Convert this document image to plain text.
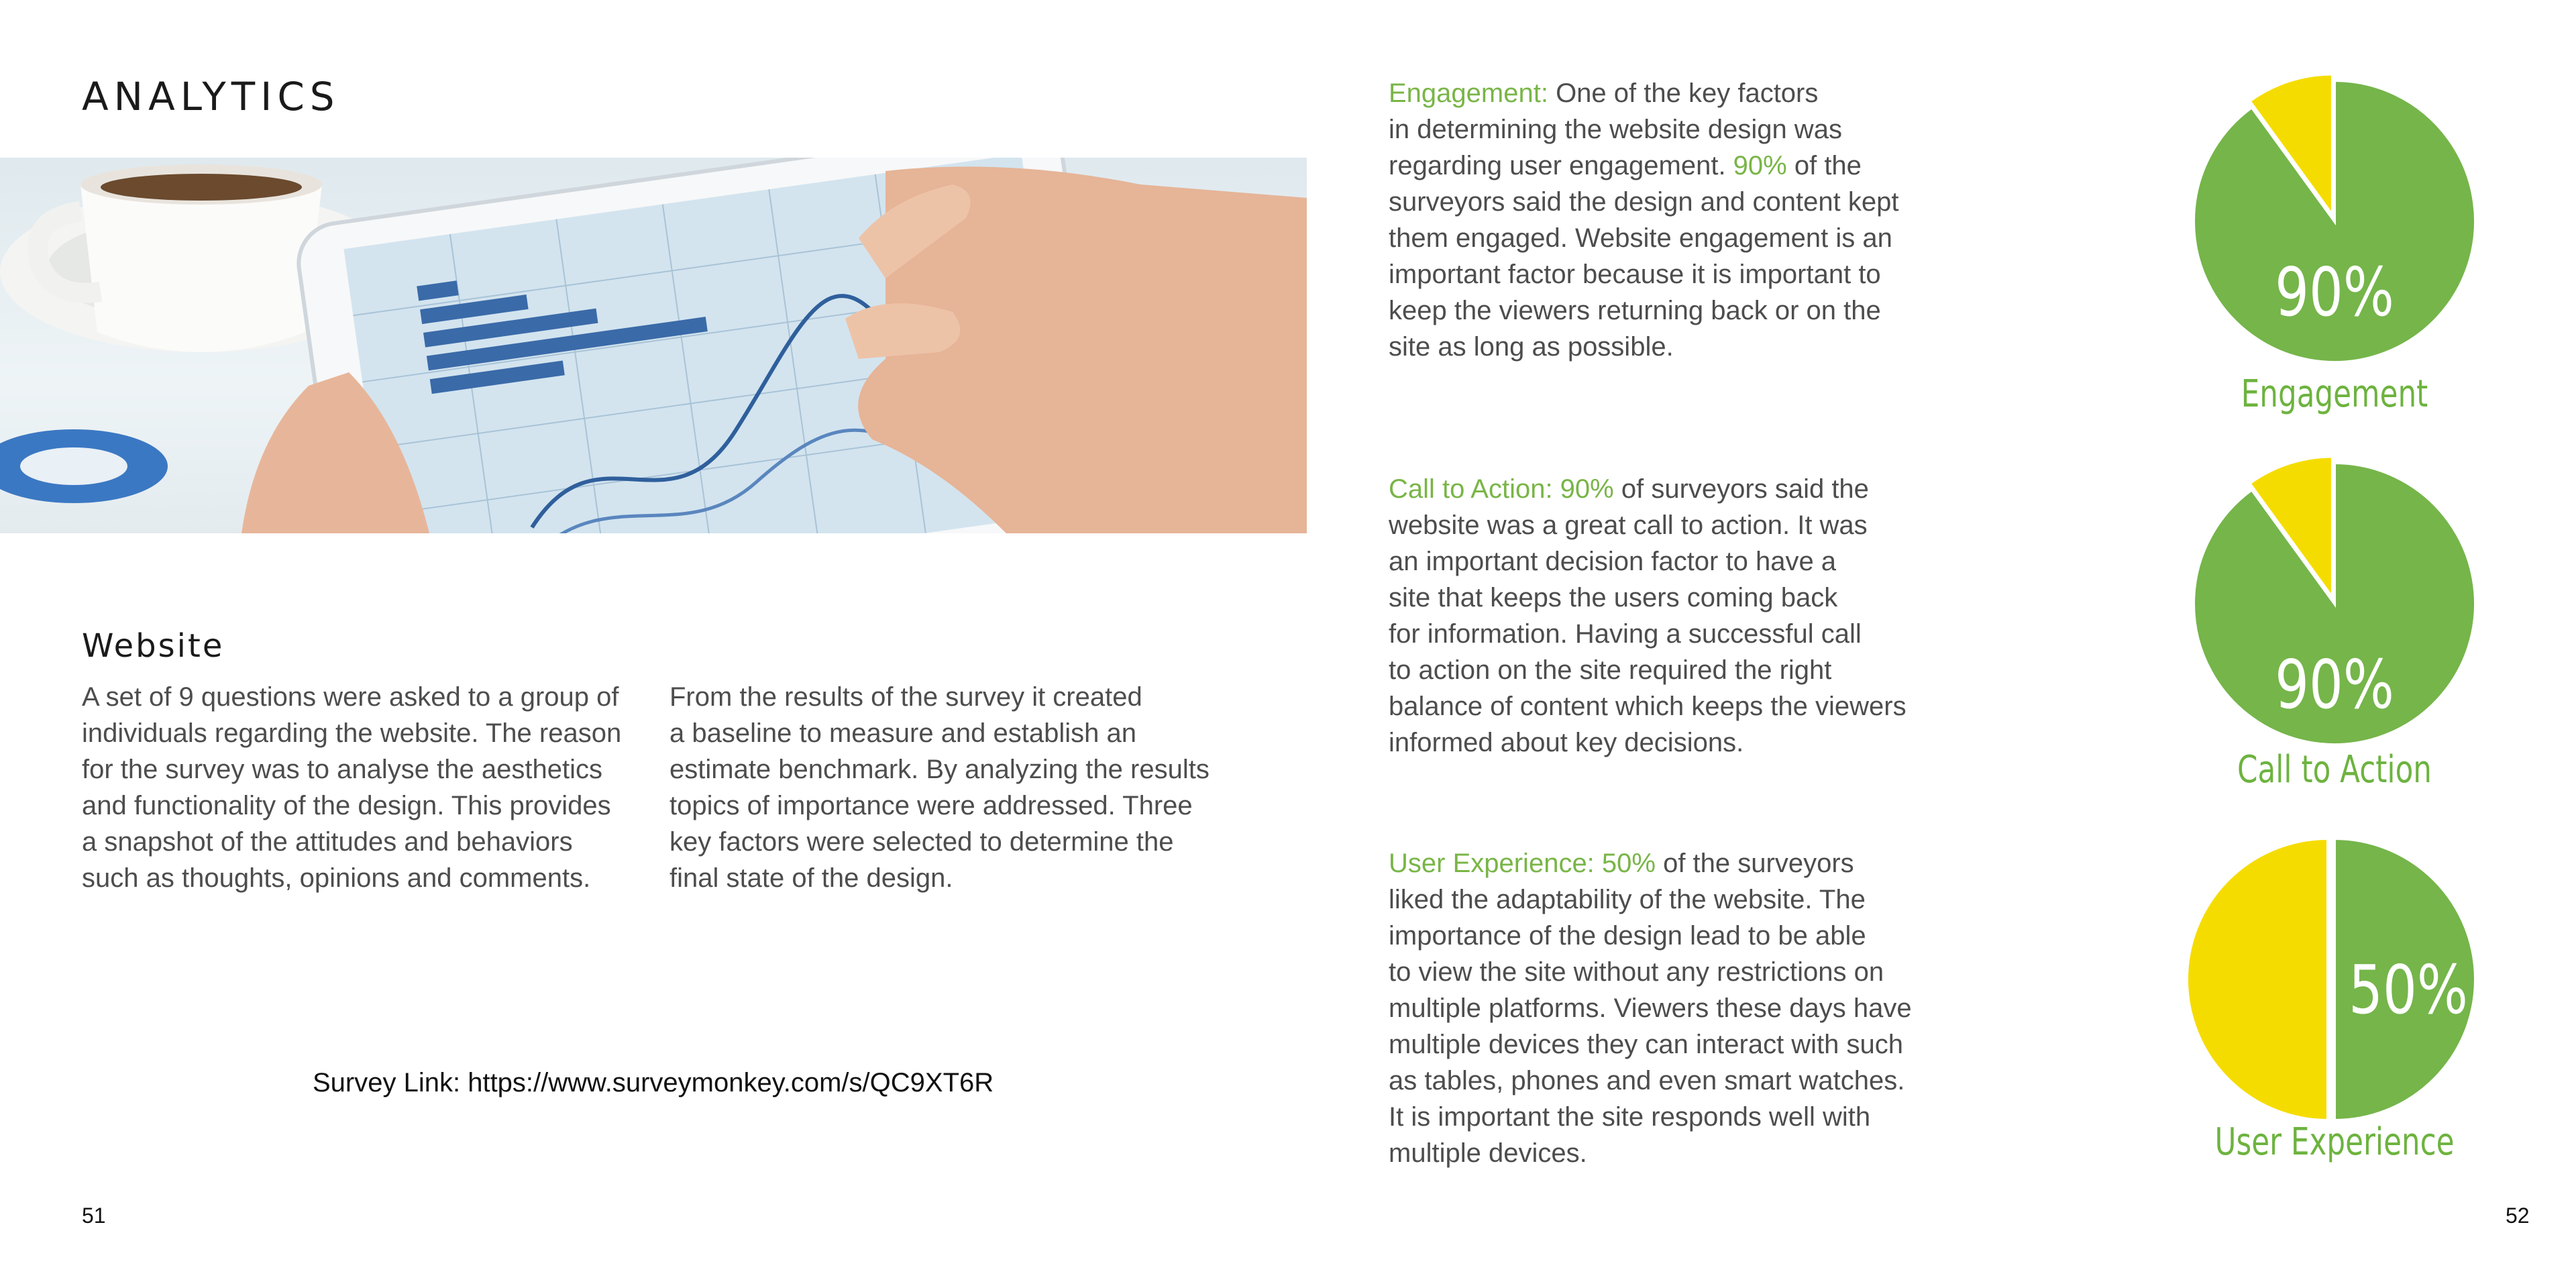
ANALYTICS
Website
A set of 9 questions were asked to a group of
individuals regarding the website. The reason
for the survey was to analyse the aesthetics
and functionality of the design. This provides
a snapshot of the attitudes and behaviors
such as thoughts, opinions and comments.
From the results of the survey it created
a baseline to measure and establish an
estimate benchmark. By analyzing the results
topics of importance were addressed. Three
key factors were selected to determine the
final state of the design.
Survey Link: https://www.surveymonkey.com/s/QC9XT6R
51
Engagement: One of the key factors
in determining the website design was
regarding user engagement. 90% of the
surveyors said the design and content kept
them engaged. Website engagement is an
important factor because it is important to
keep the viewers returning back or on the
site as long as possible.
Call to Action: 90% of surveyors said the
website was a great call to action. It was
an important decision factor to have a
site that keeps the users coming back
for information. Having a successful call
to action on the site required the right
balance of content which keeps the viewers
informed about key decisions.
User Experience: 50% of the surveyors
liked the adaptability of the website. The
importance of the design lead to be able
to view the site without any restrictions on
multiple platforms. Viewers these days have
multiple devices they can interact with such
as tables, phones and even smart watches.
It is important the site responds well with
multiple devices.
52
90%
Engagement
90%
Call to Action
50%
User Experience
